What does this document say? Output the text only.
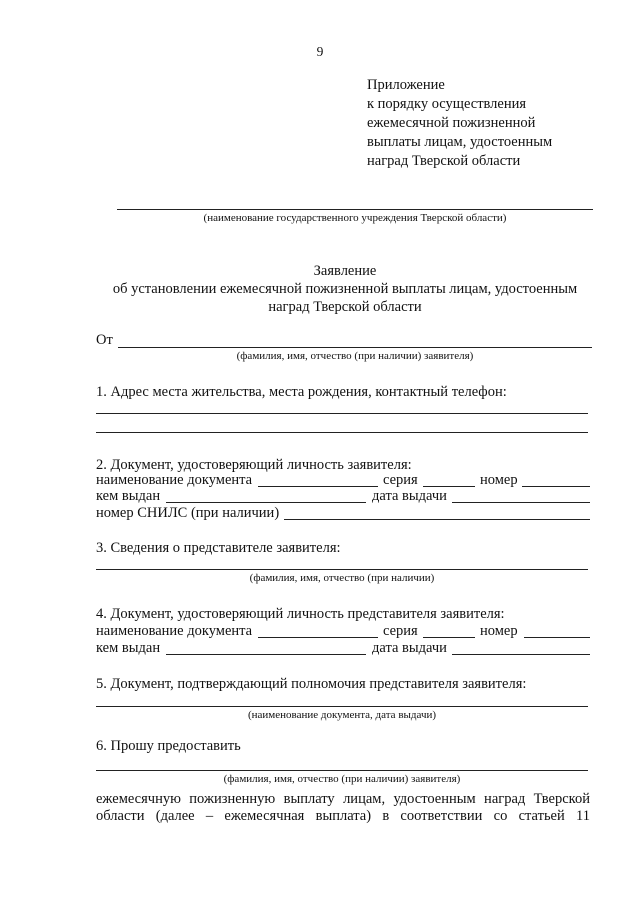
9
Приложение
к порядку осуществления
ежемесячной пожизненной
выплаты лицам, удостоенным
наград Тверской области
(наименование государственного учреждения Тверской области)
Заявление
об установлении ежемесячной пожизненной выплаты лицам, удостоенным
наград Тверской области
От
(фамилия, имя, отчество (при наличии) заявителя)
1. Адрес места жительства, места рождения, контактный телефон:
2. Документ, удостоверяющий личность заявителя:
наименование документа	серия	номер
кем выдан	дата выдачи
номер СНИЛС (при наличии)
3. Сведения о представителе заявителя:
(фамилия, имя, отчество (при наличии)
4. Документ, удостоверяющий личность представителя заявителя:
наименование документа	серия	номер
кем выдан	дата выдачи
5. Документ, подтверждающий полномочия представителя заявителя:
(наименование документа, дата выдачи)
6. Прошу предоставить
(фамилия, имя, отчество (при наличии) заявителя)
ежемесячную пожизненную выплату лицам, удостоенным наград Тверской
области (далее – ежемесячная выплата) в соответствии со статьей 11
